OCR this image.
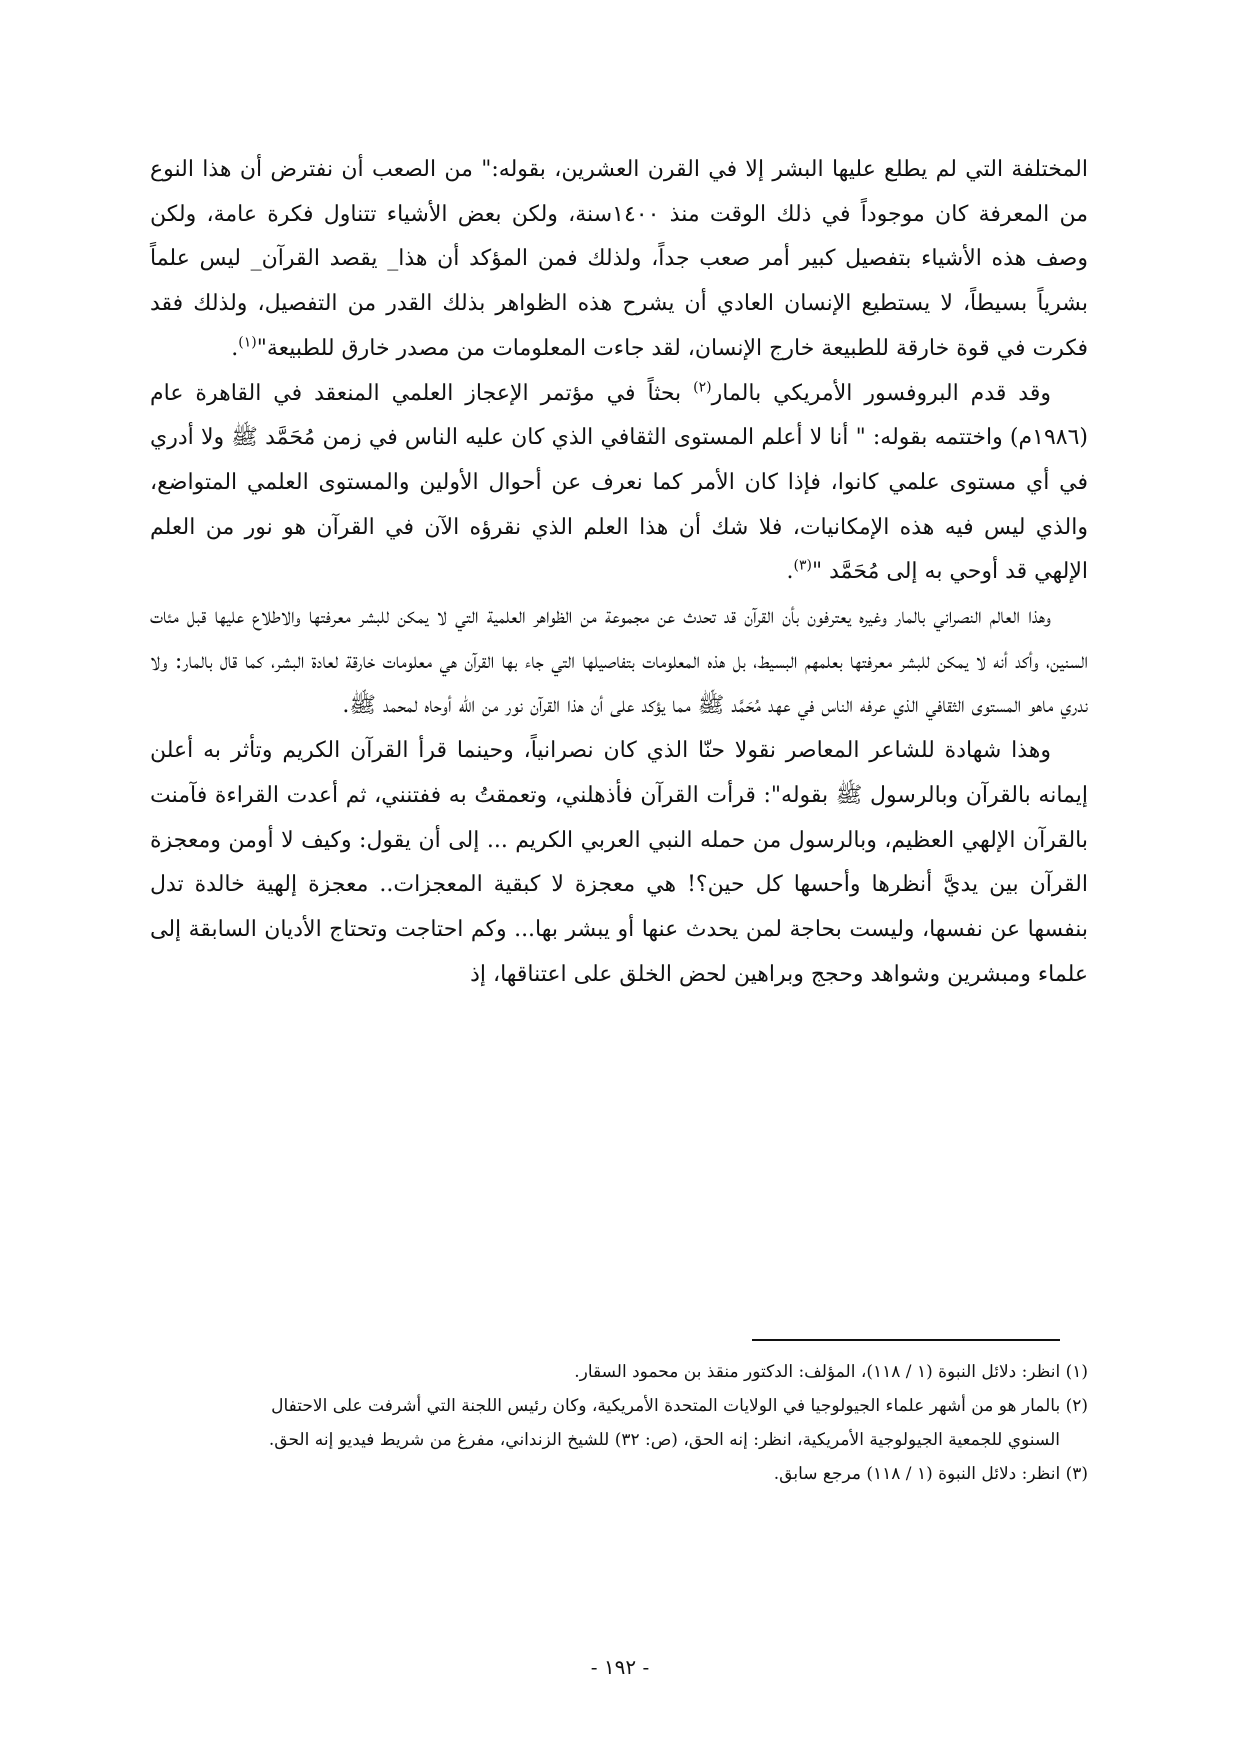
المختلفة التي لم يطلع عليها البشر إلا في القرن العشرين، بقوله:" من الصعب أن نفترض أن هذا النوع من المعرفة كان موجوداً في ذلك الوقت منذ ١٤٠٠سنة، ولكن بعض الأشياء تتناول فكرة عامة، ولكن وصف هذه الأشياء بتفصيل كبير أمر صعب جداً، ولذلك فمن المؤكد أن هذا_ يقصد القرآن_ ليس علماً بشرياً بسيطاً، لا يستطيع الإنسان العادي أن يشرح هذه الظواهر بذلك القدر من التفصيل، ولذلك فقد فكرت في قوة خارقة للطبيعة خارج الإنسان، لقد جاءت المعلومات من مصدر خارق للطبيعة"$^{(١)}$.

وقد قدم البروفسور الأمريكي بالمار$^{(٢)}$ بحثاً في مؤتمر الإعجاز العلمي المنعقد في القاهرة عام (١٩٨٦م) واختتمه بقوله: " أنا لا أعلم المستوى الثقافي الذي كان عليه الناس في زمن مُحَمَّد ﷺ ولا أدري في أي مستوى علمي كانوا، فإذا كان الأمر كما نعرف عن أحوال الأولين والمستوى العلمي المتواضع، والذي ليس فيه هذه الإمكانيات، فلا شك أن هذا العلم الذي نقرؤه الآن في القرآن هو نور من العلم الإلهي قد أوحي به إلى مُحَمَّد "$^{(٣)}$.

وهذا العالم النصراني بالمار وغيره يعترفون بأن القرآن قد تحدث عن مجموعة من الظواهر العلمية التي لا يمكن للبشر معرفتها والاطلاع عليها قبل مئات السنين، وأكد أنه لا يمكن للبشر معرفتها بعلمهم البسيط، بل هذه المعلومات بتفاصيلها التي جاء بها القرآن هي معلومات خارقة لعادة البشر، كما قال بالمار: ولا ندري ماهو المستوى الثقافي الذي عرفه الناس في عهد مُحَمَّد ﷺ مما يؤكد على أن هذا القرآن نور من الله أوحاه لمحمد ﷺ.

وهذا شهادة للشاعر المعاصر نقولا حنّا الذي كان نصرانياً، وحينما قرأ القرآن الكريم وتأثر به أعلن إيمانه بالقرآن وبالرسول ﷺ بقوله": قرأت القرآن فأذهلني، وتعمقتُ به ففتنني، ثم أعدت القراءة فآمنت بالقرآن الإلهي العظيم، وبالرسول من حمله النبي العربي الكريم ... إلى أن يقول: وكيف لا أومن ومعجزة القرآن بين يديَّ أنظرها وأحسها كل حين؟! هي معجزة لا كبقية المعجزات.. معجزة إلهية خالدة تدل بنفسها عن نفسها، وليست بحاجة لمن يحدث عنها أو يبشر بها... وكم احتاجت وتحتاج الأديان السابقة إلى علماء ومبشرين وشواهد وحجج وبراهين لحض الخلق على اعتناقها، إذ

(١) انظر: دلائل النبوة (١ / ١١٨)، المؤلف: الدكتور منقذ بن محمود السقار.

(٢) بالمار هو من أشهر علماء الجيولوجيا في الولايات المتحدة الأمريكية، وكان رئيس اللجنة التي أشرفت على الاحتفال

السنوي للجمعية الجيولوجية الأمريكية، انظر: إنه الحق، (ص: ٣٢) للشيخ الزنداني، مفرغ من شريط فيديو إنه الحق.

(٣) انظر: دلائل النبوة (١ / ١١٨) مرجع سابق.

- ١٩٢ -
